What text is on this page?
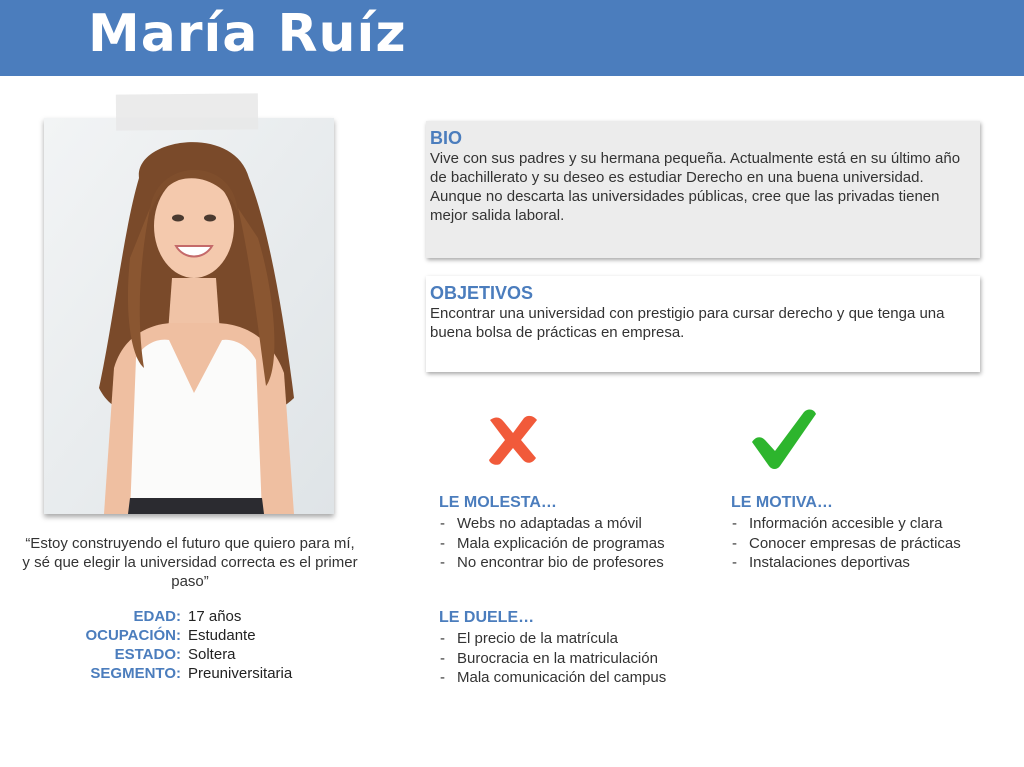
María Ruíz
“Estoy construyendo el futuro que quiero para mí, y sé que elegir la universidad correcta es el primer paso”
EDAD: 17 años
OCUPACIÓN: Estudante
ESTADO: Soltera
SEGMENTO: Preuniversitaria
BIO

Vive con sus padres y su hermana pequeña. Actualmente está en su último año de bachillerato y su deseo es estudiar Derecho en una buena universidad. Aunque no descarta las universidades públicas, cree que las privadas tienen mejor salida laboral.

OBJETIVOS

Encontrar una universidad con prestigio para cursar derecho y que tenga una buena bolsa de prácticas en empresa.

LE MOLESTA…
- Webs no adaptadas a móvil
- Mala explicación de programas
- No encontrar bio de profesores
LE MOTIVA…
- Información accesible y clara
- Conocer empresas de prácticas
- Instalaciones deportivas
LE DUELE…
- El precio de la matrícula
- Burocracia en la matriculación
- Mala comunicación del campus
